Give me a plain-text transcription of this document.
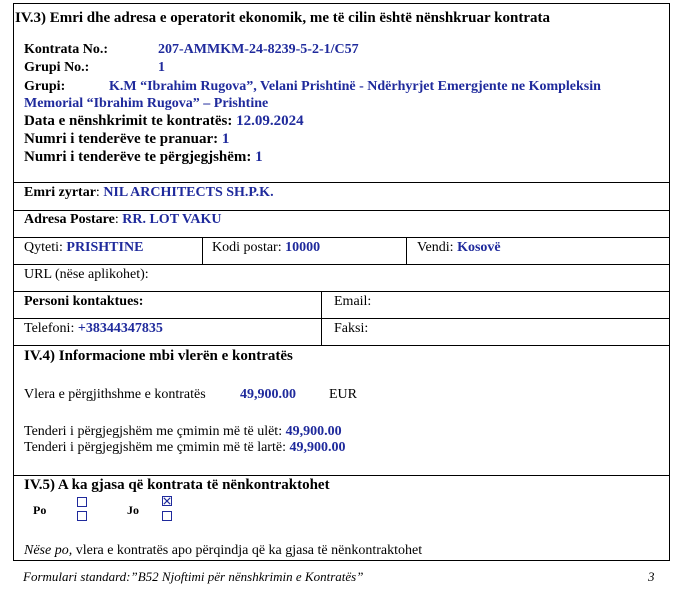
IV.3) Emri dhe adresa e operatorit ekonomik, me të cilin është nënshkruar kontrata
Kontrata No.:	207-AMMKM-24-8239-5-2-1/C57
Grupi No.:	1
Grupi:	K.M “Ibrahim Rugova”, Velani Prishtinë - Ndërhyrjet Emergjente ne Kompleksin
Memorial “Ibrahim Rugova” – Prishtine
Data e nënshkrimit te kontratës: 12.09.2024
Numri i tenderëve te pranuar: 1
Numri i tenderëve te përgjegjshëm: 1
Emri zyrtar: NIL ARCHITECTS SH.P.K.
Adresa Postare: RR. LOT VAKU
Qyteti: PRISHTINE	Kodi postar: 10000	Vendi: Kosovë
URL (nëse aplikohet):
Personi kontaktues:	Email:
Telefoni: +38344347835	Faksi:
IV.4) Informacione mbi vlerën e kontratës
Vlera e përgjithshme e kontratës 49,900.00 EUR
Tenderi i përgjegjshëm me çmimin më të ulët: 49,900.00
Tenderi i përgjegjshëm me çmimin më të lartë: 49,900.00
IV.5) A ka gjasa që kontrata të nënkontraktohet
Po	Jo
Nëse po, vlera e kontratës apo përqindja që ka gjasa të nënkontraktohet
Formulari standard:”B52 Njoftimi për nënshkrimin e Kontratës”	3
